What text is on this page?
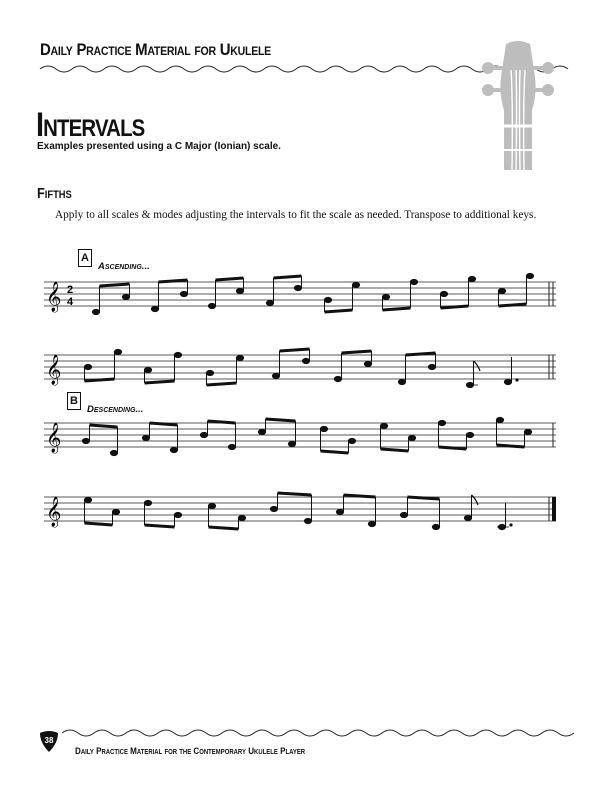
Daily Practice Material for Ukulele
Intervals
Examples presented using a C Major (Ionian) scale.
Fifths
Apply to all scales & modes adjusting the intervals to fit the scale as needed. Transpose to additional keys.
A
Ascending...
B
Descending...
𝄞 2
4
𝄞
𝄞
𝄞
38
Daily Practice Material for the Contemporary Ukulele Player
